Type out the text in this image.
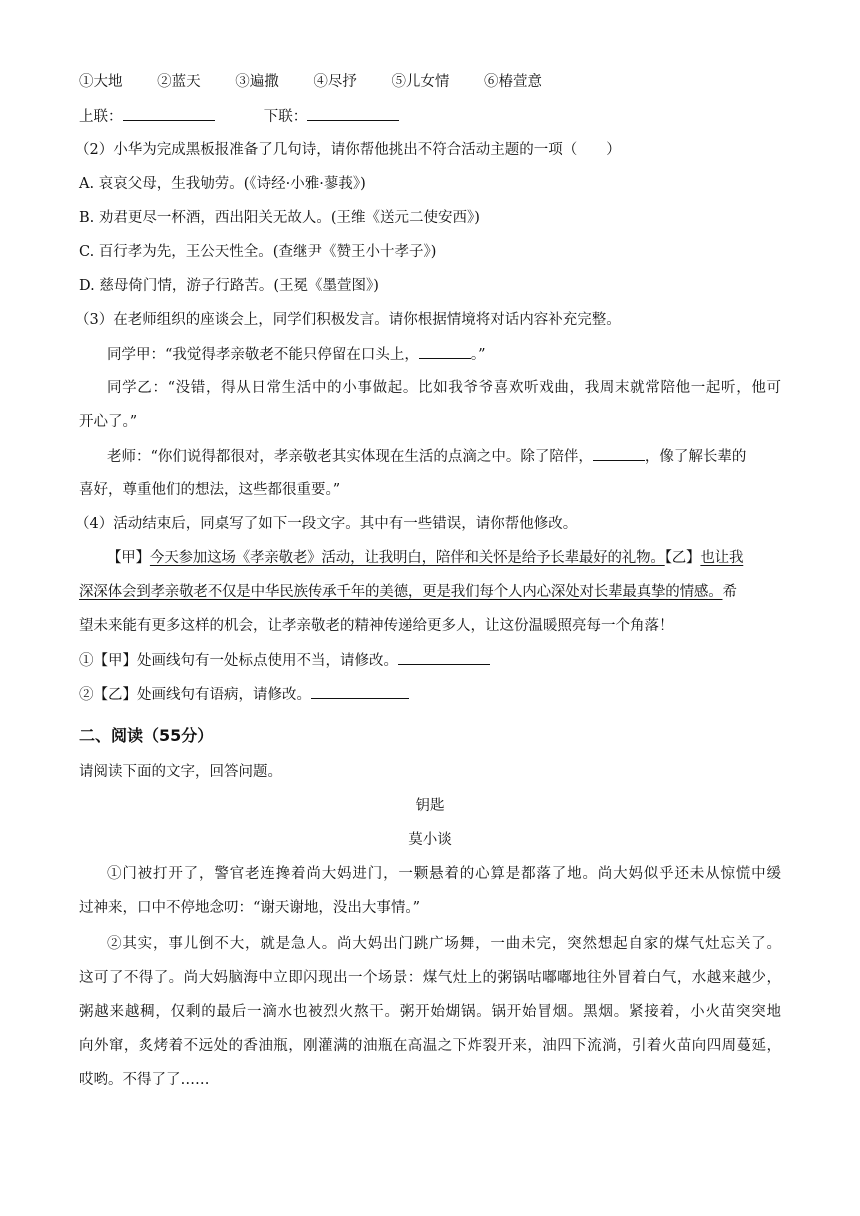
①大地 ②蓝天 ③遍撒 ④尽抒 ⑤儿女情 ⑥椿萱意
上联：	下联：
（2）小华为完成黑板报准备了几句诗，请你帮他挑出不符合活动主题的一项（　　）
A. 哀哀父母，生我劬劳。(《诗经·小雅·蓼莪》)
B. 劝君更尽一杯酒，西出阳关无故人。(王维《送元二使安西》)
C. 百行孝为先，王公天性全。(查继尹《赞王小十孝子》)
D. 慈母倚门情，游子行路苦。(王冕《墨萱图》)
（3）在老师组织的座谈会上，同学们积极发言。请你根据情境将对话内容补充完整。
同学甲：“我觉得孝亲敬老不能只停留在口头上，	。”
同学乙：“没错，得从日常生活中的小事做起。比如我爷爷喜欢听戏曲，我周末就常陪他一起听，他可
开心了。”
老师：“你们说得都很对，孝亲敬老其实体现在生活的点滴之中。除了陪伴，	，像了解长辈的
喜好，尊重他们的想法，这些都很重要。”
（4）活动结束后，同桌写了如下一段文字。其中有一些错误，请你帮他修改。
【甲】今天参加这场《孝亲敬老》活动，让我明白，陪伴和关怀是给予长辈最好的礼物。【乙】也让我
深深体会到孝亲敬老不仅是中华民族传承千年的美德，更是我们每个人内心深处对长辈最真挚的情感。希
望未来能有更多这样的机会，让孝亲敬老的精神传递给更多人，让这份温暖照亮每一个角落！
①【甲】处画线句有一处标点使用不当，请修改。
②【乙】处画线句有语病，请修改。
二、阅读（55分）
请阅读下面的文字，回答问题。
钥匙
莫小谈
①门被打开了，警官老连搀着尚大妈进门，一颗悬着的心算是都落了地。尚大妈似乎还未从惊慌中缓
过神来，口中不停地念叨：“谢天谢地，没出大事情。”
②其实，事儿倒不大，就是急人。尚大妈出门跳广场舞，一曲未完，突然想起自家的煤气灶忘关了。
这可了不得了。尚大妈脑海中立即闪现出一个场景：煤气灶上的粥锅咕嘟嘟地往外冒着白气，水越来越少，
粥越来越稠，仅剩的最后一滴水也被烈火熬干。粥开始煳锅。锅开始冒烟。黑烟。紧接着，小火苗突突地
向外窜，炙烤着不远处的香油瓶，刚灌满的油瓶在高温之下炸裂开来，油四下流淌，引着火苗向四周蔓延，
哎哟。不得了了……
